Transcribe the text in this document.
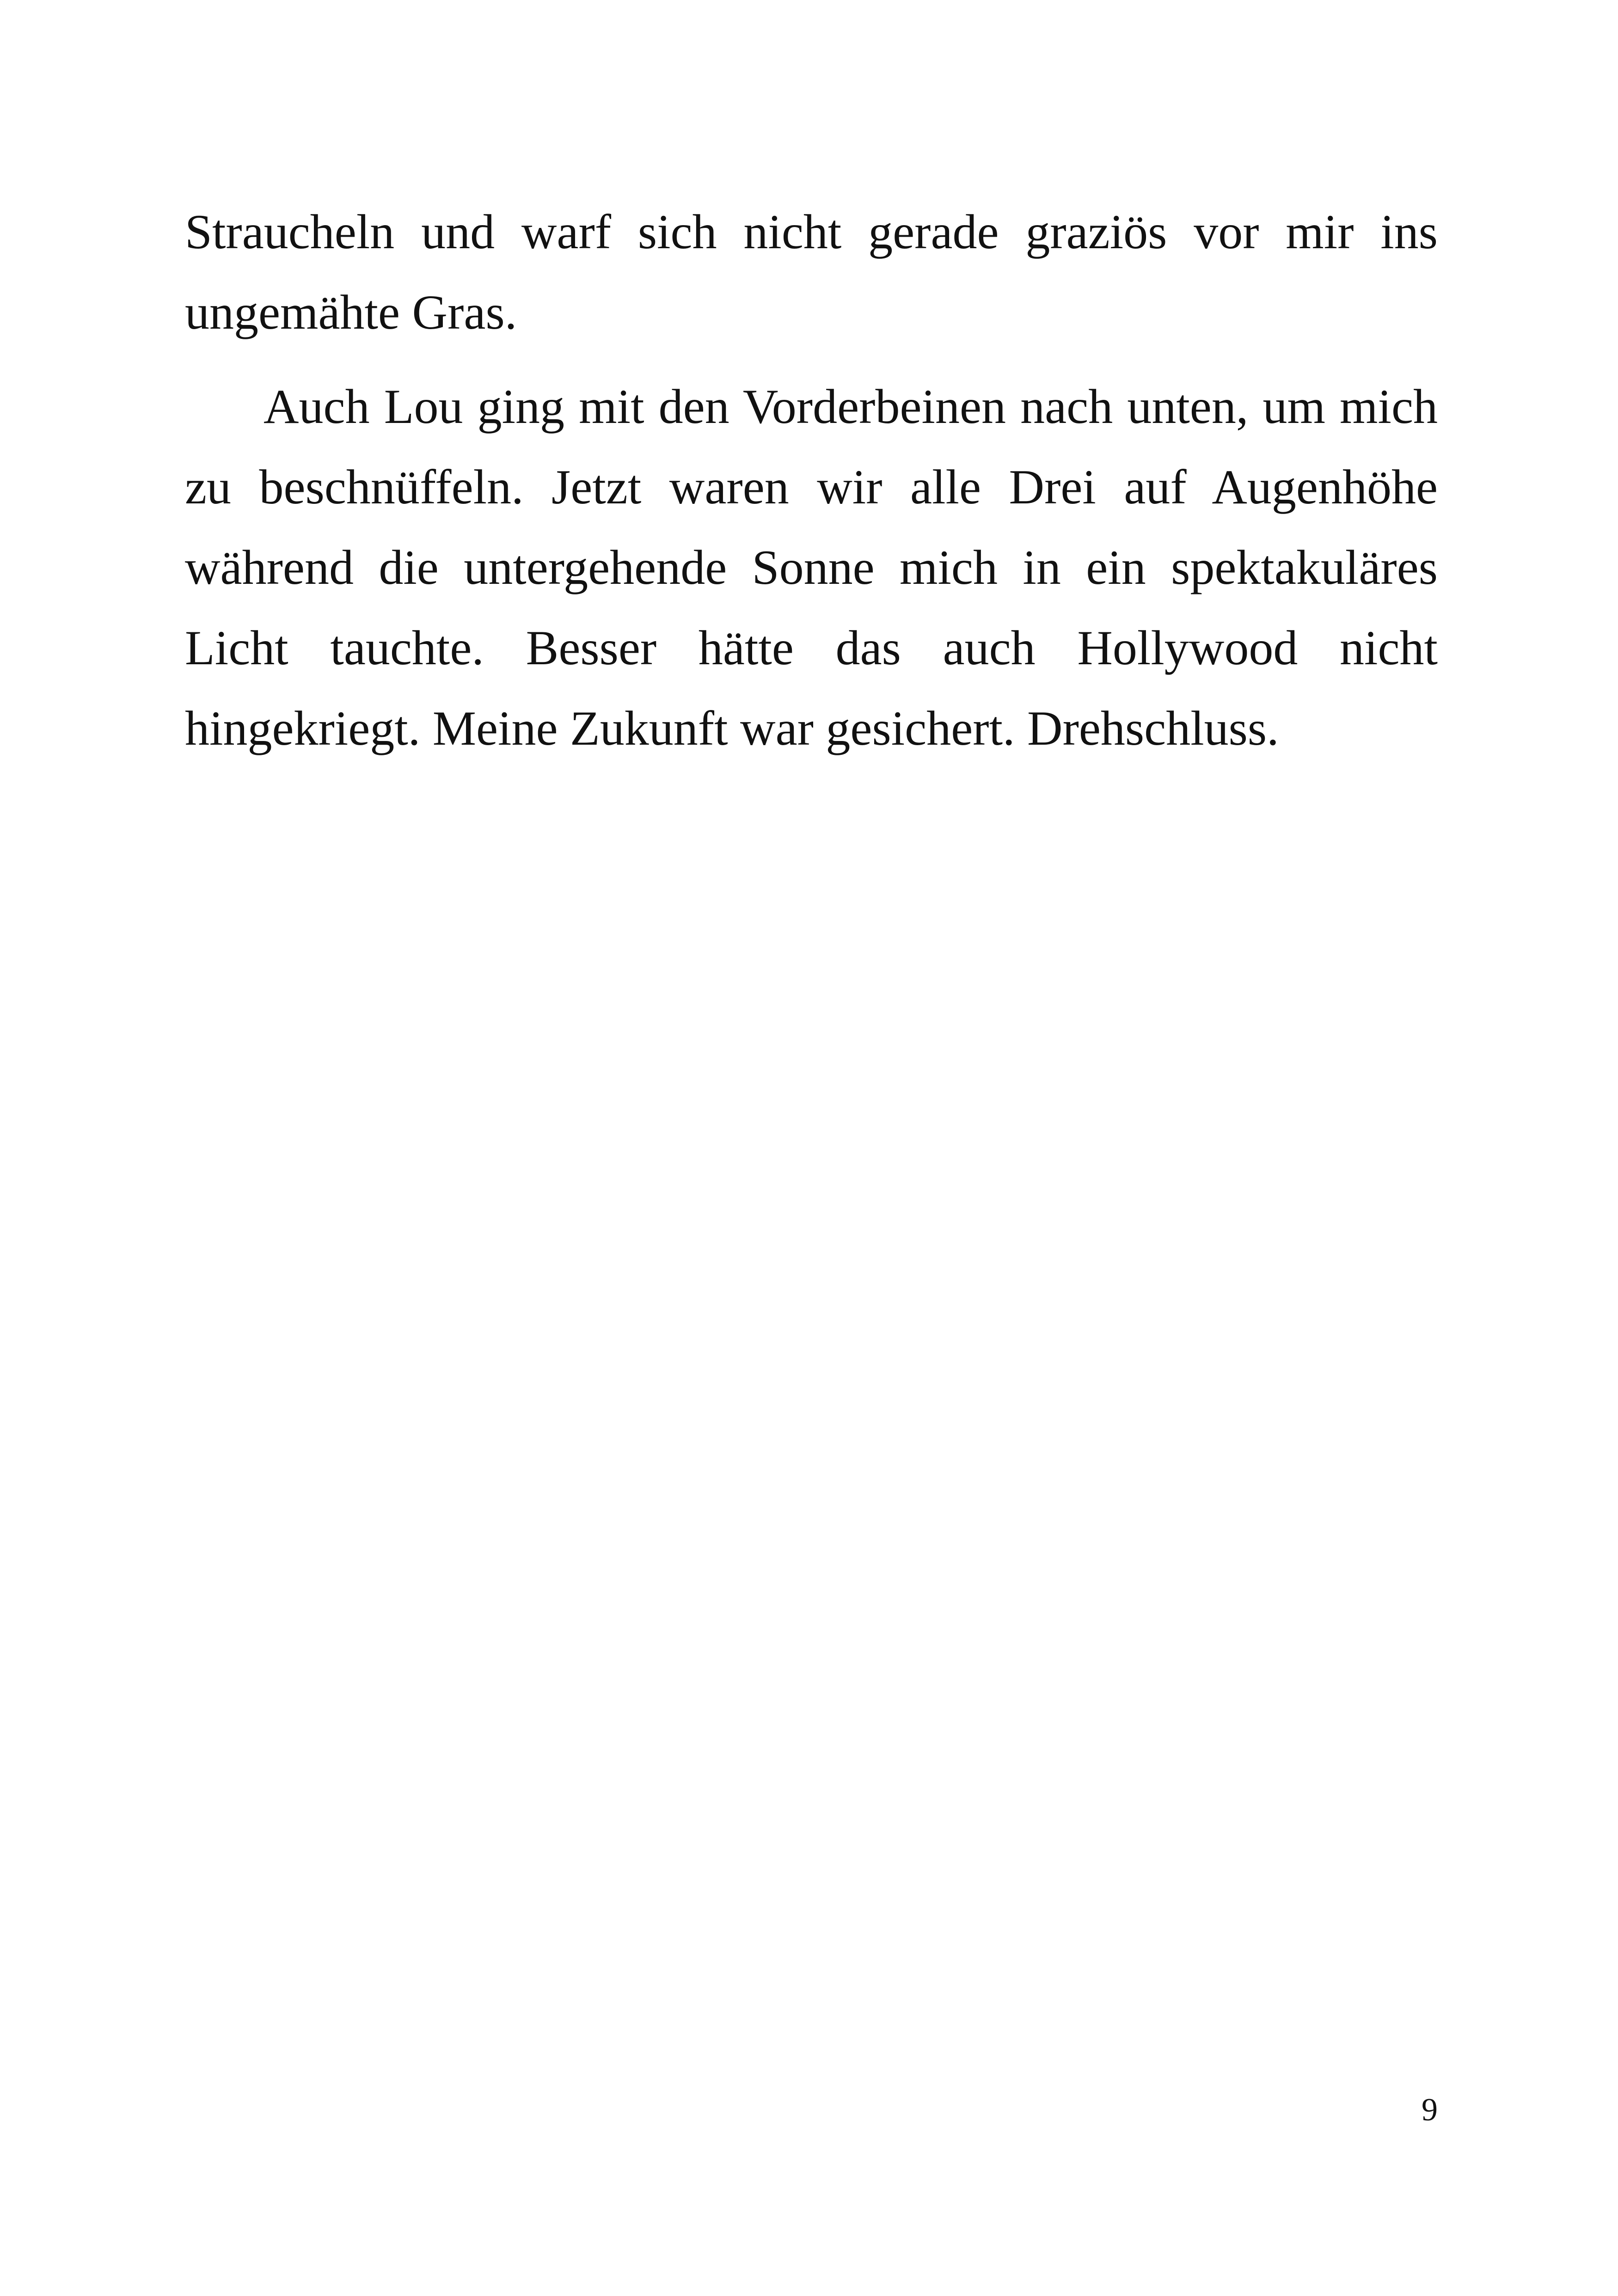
Straucheln und warf sich nicht gerade graziös vor mir ins ungemähte Gras.

Auch Lou ging mit den Vorderbeinen nach unten, um mich zu beschnüffeln. Jetzt waren wir alle Drei auf Augenhöhe während die untergehende Sonne mich in ein spektakuläres Licht tauchte. Besser hätte das auch Hollywood nicht hingekriegt. Meine Zukunft war gesichert. Drehschluss.

9
